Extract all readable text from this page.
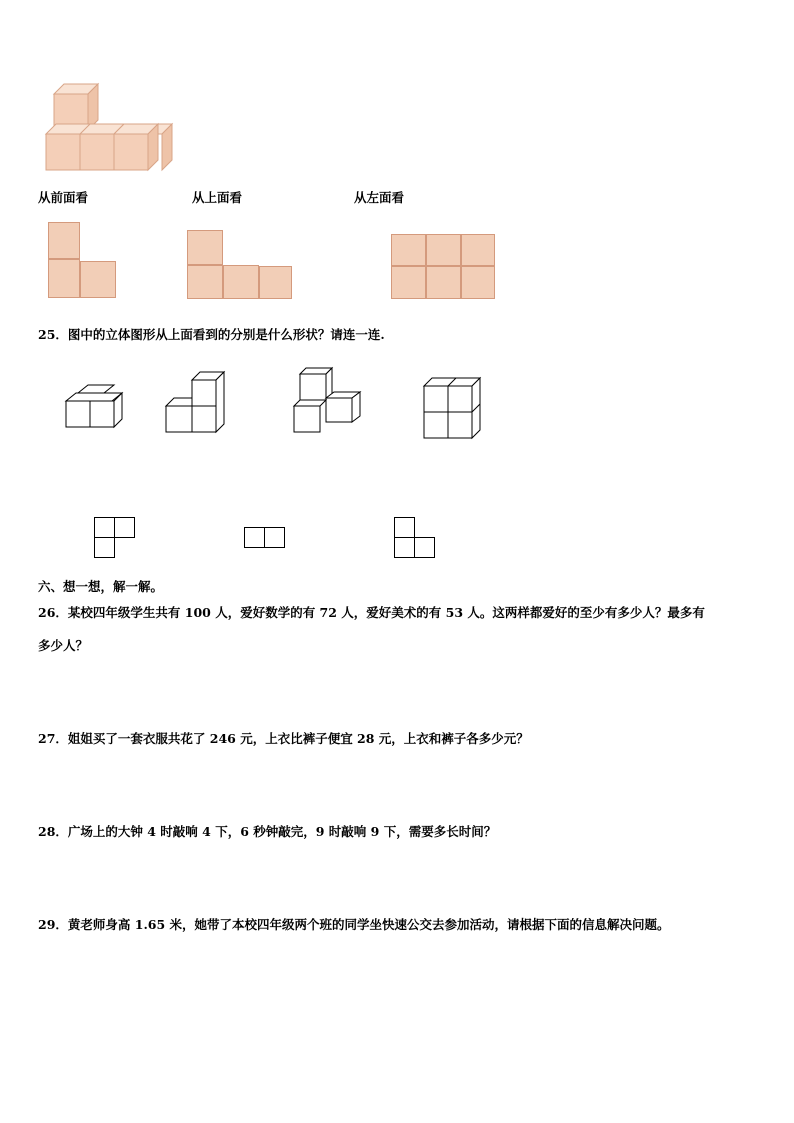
从前面看	从上面看	从左面看
25．图中的立体图形从上面看到的分别是什么形状？请连一连.
六、想一想，解一解。
26．某校四年级学生共有 100 人，爱好数学的有 72 人，爱好美术的有 53 人。这两样都爱好的至少有多少人？最多有
多少人？
27．姐姐买了一套衣服共花了 246 元，上衣比裤子便宜 28 元，上衣和裤子各多少元？
28．广场上的大钟 4 时敲响 4 下，6 秒钟敲完，9 时敲响 9 下，需要多长时间？
29．黄老师身高 1.65 米，她带了本校四年级两个班的同学坐快速公交去参加活动，请根据下面的信息解决问题。
